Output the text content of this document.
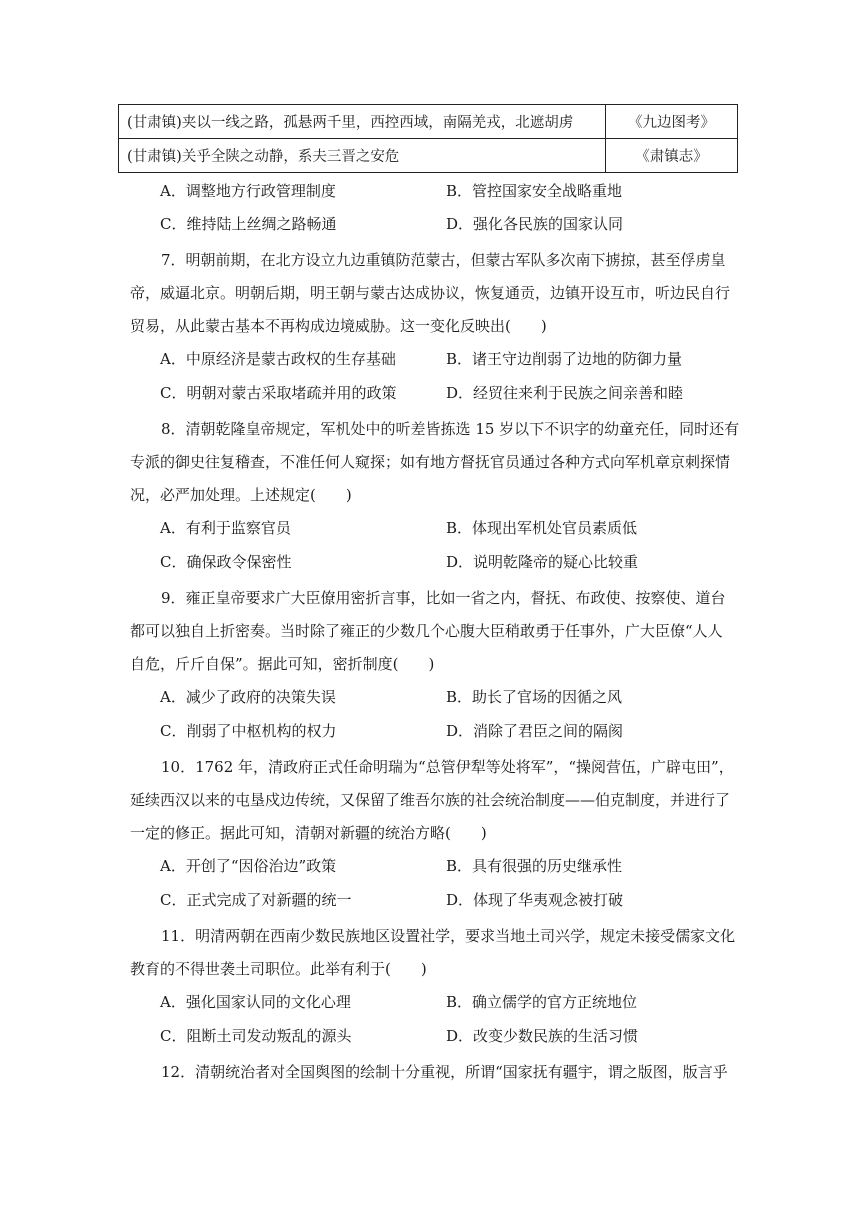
(甘肃镇)夹以一线之路，孤悬两千里，西控西域，南隔羌戎，北遮胡虏	《九边图考》
(甘肃镇)关乎全陕之动静，系夫三晋之安危	《肃镇志》
A．调整地方行政管理制度	B．管控国家安全战略重地
C．维持陆上丝绸之路畅通	D．强化各民族的国家认同
7．明朝前期，在北方设立九边重镇防范蒙古，但蒙古军队多次南下掳掠，甚至俘虏皇
帝，威逼北京。明朝后期，明王朝与蒙古达成协议，恢复通贡，边镇开设互市，听边民自行
贸易，从此蒙古基本不再构成边境威胁。这一变化反映出(　　)
A．中原经济是蒙古政权的生存基础	B．诸王守边削弱了边地的防御力量
C．明朝对蒙古采取堵疏并用的政策	D．经贸往来利于民族之间亲善和睦
8．清朝乾隆皇帝规定，军机处中的听差皆拣选 15 岁以下不识字的幼童充任，同时还有
专派的御史往复稽查，不准任何人窥探；如有地方督抚官员通过各种方式向军机章京刺探情
况，必严加处理。上述规定(　　)
A．有利于监察官员	B．体现出军机处官员素质低
C．确保政令保密性	D．说明乾隆帝的疑心比较重
9．雍正皇帝要求广大臣僚用密折言事，比如一省之内，督抚、布政使、按察使、道台
都可以独自上折密奏。当时除了雍正的少数几个心腹大臣稍敢勇于任事外，广大臣僚“人人
自危，斤斤自保”。据此可知，密折制度(　　)
A．减少了政府的决策失误	B．助长了官场的因循之风
C．削弱了中枢机构的权力	D．消除了君臣之间的隔阂
10．1762 年，清政府正式任命明瑞为“总管伊犁等处将军”，“操阅营伍，广辟屯田”，
延续西汉以来的屯垦戍边传统，又保留了维吾尔族的社会统治制度——伯克制度，并进行了
一定的修正。据此可知，清朝对新疆的统治方略(　　)
A．开创了“因俗治边”政策	B．具有很强的历史继承性
C．正式完成了对新疆的统一	D．体现了华夷观念被打破
11．明清两朝在西南少数民族地区设置社学，要求当地土司兴学，规定未接受儒家文化
教育的不得世袭土司职位。此举有利于(　　)
A．强化国家认同的文化心理	B．确立儒学的官方正统地位
C．阻断土司发动叛乱的源头	D．改变少数民族的生活习惯
12．清朝统治者对全国舆图的绘制十分重视，所谓“国家抚有疆宇，谓之版图，版言乎
